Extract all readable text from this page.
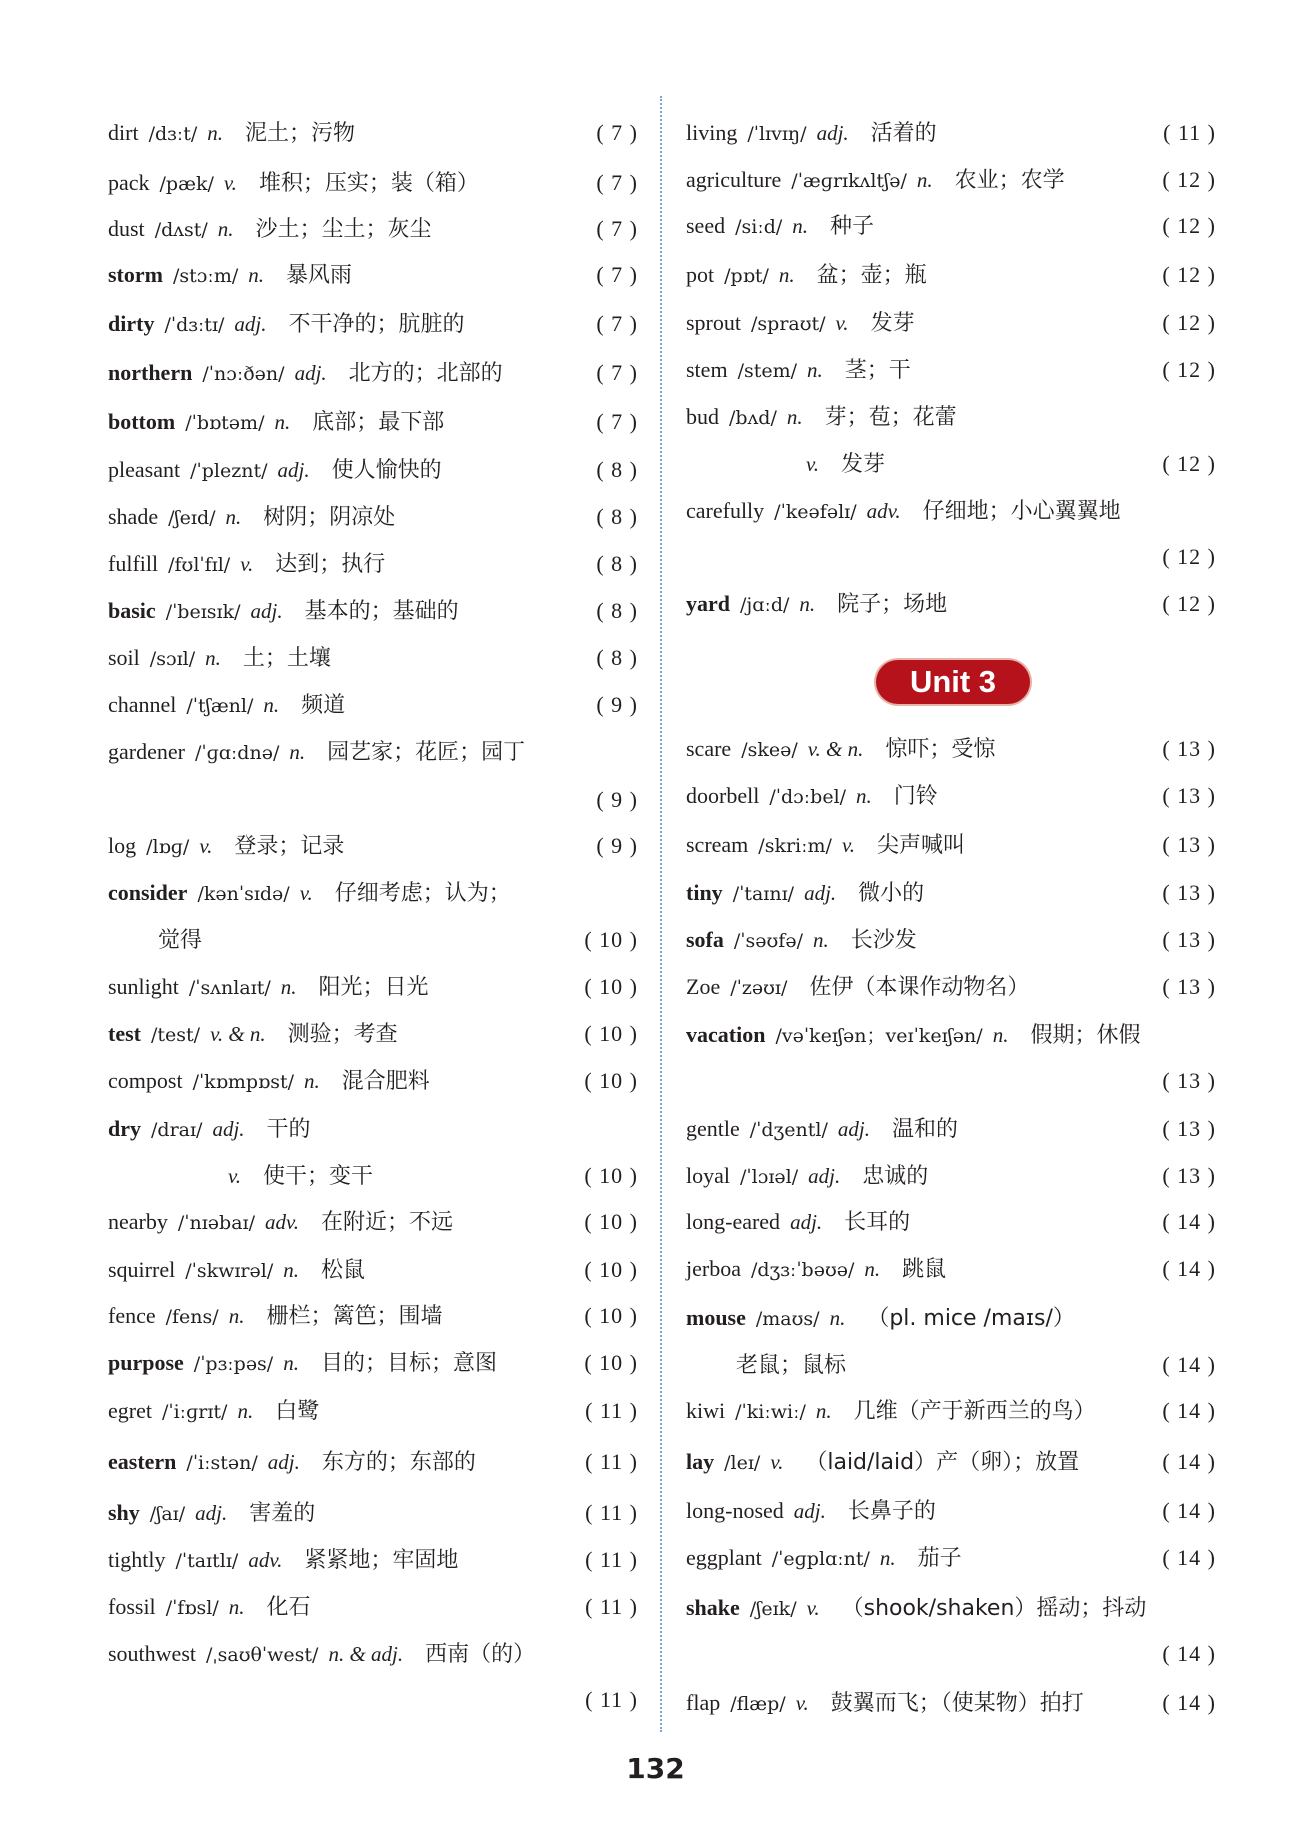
dirt /dɜːt/ n. 泥土；污物	( 7 )
pack /pæk/ v. 堆积；压实；装（箱）	( 7 )
dust /dʌst/ n. 沙土；尘土；灰尘	( 7 )
storm /stɔːm/ n. 暴风雨	( 7 )
dirty /ˈdɜːtɪ/ adj. 不干净的；肮脏的	( 7 )
northern /ˈnɔːðən/ adj. 北方的；北部的	( 7 )
bottom /ˈbɒtəm/ n. 底部；最下部	( 7 )
pleasant /ˈpleznt/ adj. 使人愉快的	( 8 )
shade /ʃeɪd/ n. 树阴；阴凉处	( 8 )
fulfill /fʊlˈfɪl/ v. 达到；执行	( 8 )
basic /ˈbeɪsɪk/ adj. 基本的；基础的	( 8 )
soil /sɔɪl/ n. 土；土壤	( 8 )
channel /ˈtʃænl/ n. 频道	( 9 )
gardener /ˈɡɑːdnə/ n. 园艺家；花匠；园丁
( 9 )
log /lɒɡ/ v. 登录；记录	( 9 )
consider /kənˈsɪdə/ v. 仔细考虑；认为；
觉得	( 10 )
sunlight /ˈsʌnlaɪt/ n. 阳光；日光	( 10 )
test /test/ v. & n. 测验；考查	( 10 )
compost /ˈkɒmpɒst/ n. 混合肥料	( 10 )
dry /draɪ/ adj. 干的
v. 使干；变干	( 10 )
nearby /ˈnɪəbaɪ/ adv. 在附近；不远	( 10 )
squirrel /ˈskwɪrəl/ n. 松鼠	( 10 )
fence /fens/ n. 栅栏；篱笆；围墙	( 10 )
purpose /ˈpɜːpəs/ n. 目的；目标；意图	( 10 )
egret /ˈiːɡrɪt/ n. 白鹭	( 11 )
eastern /ˈiːstən/ adj. 东方的；东部的	( 11 )
shy /ʃaɪ/ adj. 害羞的	( 11 )
tightly /ˈtaɪtlɪ/ adv. 紧紧地；牢固地	( 11 )
fossil /ˈfɒsl/ n. 化石	( 11 )
southwest /ˌsaʊθˈwest/ n. & adj. 西南（的）
( 11 )
living /ˈlɪvɪŋ/ adj. 活着的	( 11 )
agriculture /ˈæɡrɪkʌltʃə/ n. 农业；农学	( 12 )
seed /siːd/ n. 种子	( 12 )
pot /pɒt/ n. 盆；壶；瓶	( 12 )
sprout /spraʊt/ v. 发芽	( 12 )
stem /stem/ n. 茎；干	( 12 )
bud /bʌd/ n. 芽；苞；花蕾
v. 发芽	( 12 )
carefully /ˈkeəfəlɪ/ adv. 仔细地；小心翼翼地
( 12 )
yard /jɑːd/ n. 院子；场地	( 12 )
scare /skeə/ v. & n. 惊吓；受惊	( 13 )
doorbell /ˈdɔːbel/ n. 门铃	( 13 )
scream /skriːm/ v. 尖声喊叫	( 13 )
tiny /ˈtaɪnɪ/ adj. 微小的	( 13 )
sofa /ˈsəʊfə/ n. 长沙发	( 13 )
Zoe /ˈzəʊɪ/ 佐伊（本课作动物名）	( 13 )
vacation /vəˈkeɪʃən；veɪˈkeɪʃən/ n. 假期；休假
( 13 )
gentle /ˈdʒentl/ adj. 温和的	( 13 )
loyal /ˈlɔɪəl/ adj. 忠诚的	( 13 )
long-eared adj. 长耳的	( 14 )
jerboa /dʒɜːˈbəʊə/ n. 跳鼠	( 14 )
mouse /maʊs/ n. （pl. mice /maɪs/）
老鼠；鼠标	( 14 )
kiwi /ˈkiːwiː/ n. 几维（产于新西兰的鸟）	( 14 )
lay /leɪ/ v. （laid/laid）产（卵）；放置	( 14 )
long-nosed adj. 长鼻子的	( 14 )
eggplant /ˈeɡplɑːnt/ n. 茄子	( 14 )
shake /ʃeɪk/ v. （shook/shaken）摇动；抖动
( 14 )
flap /flæp/ v. 鼓翼而飞；（使某物）拍打	( 14 )
Unit 3
132
